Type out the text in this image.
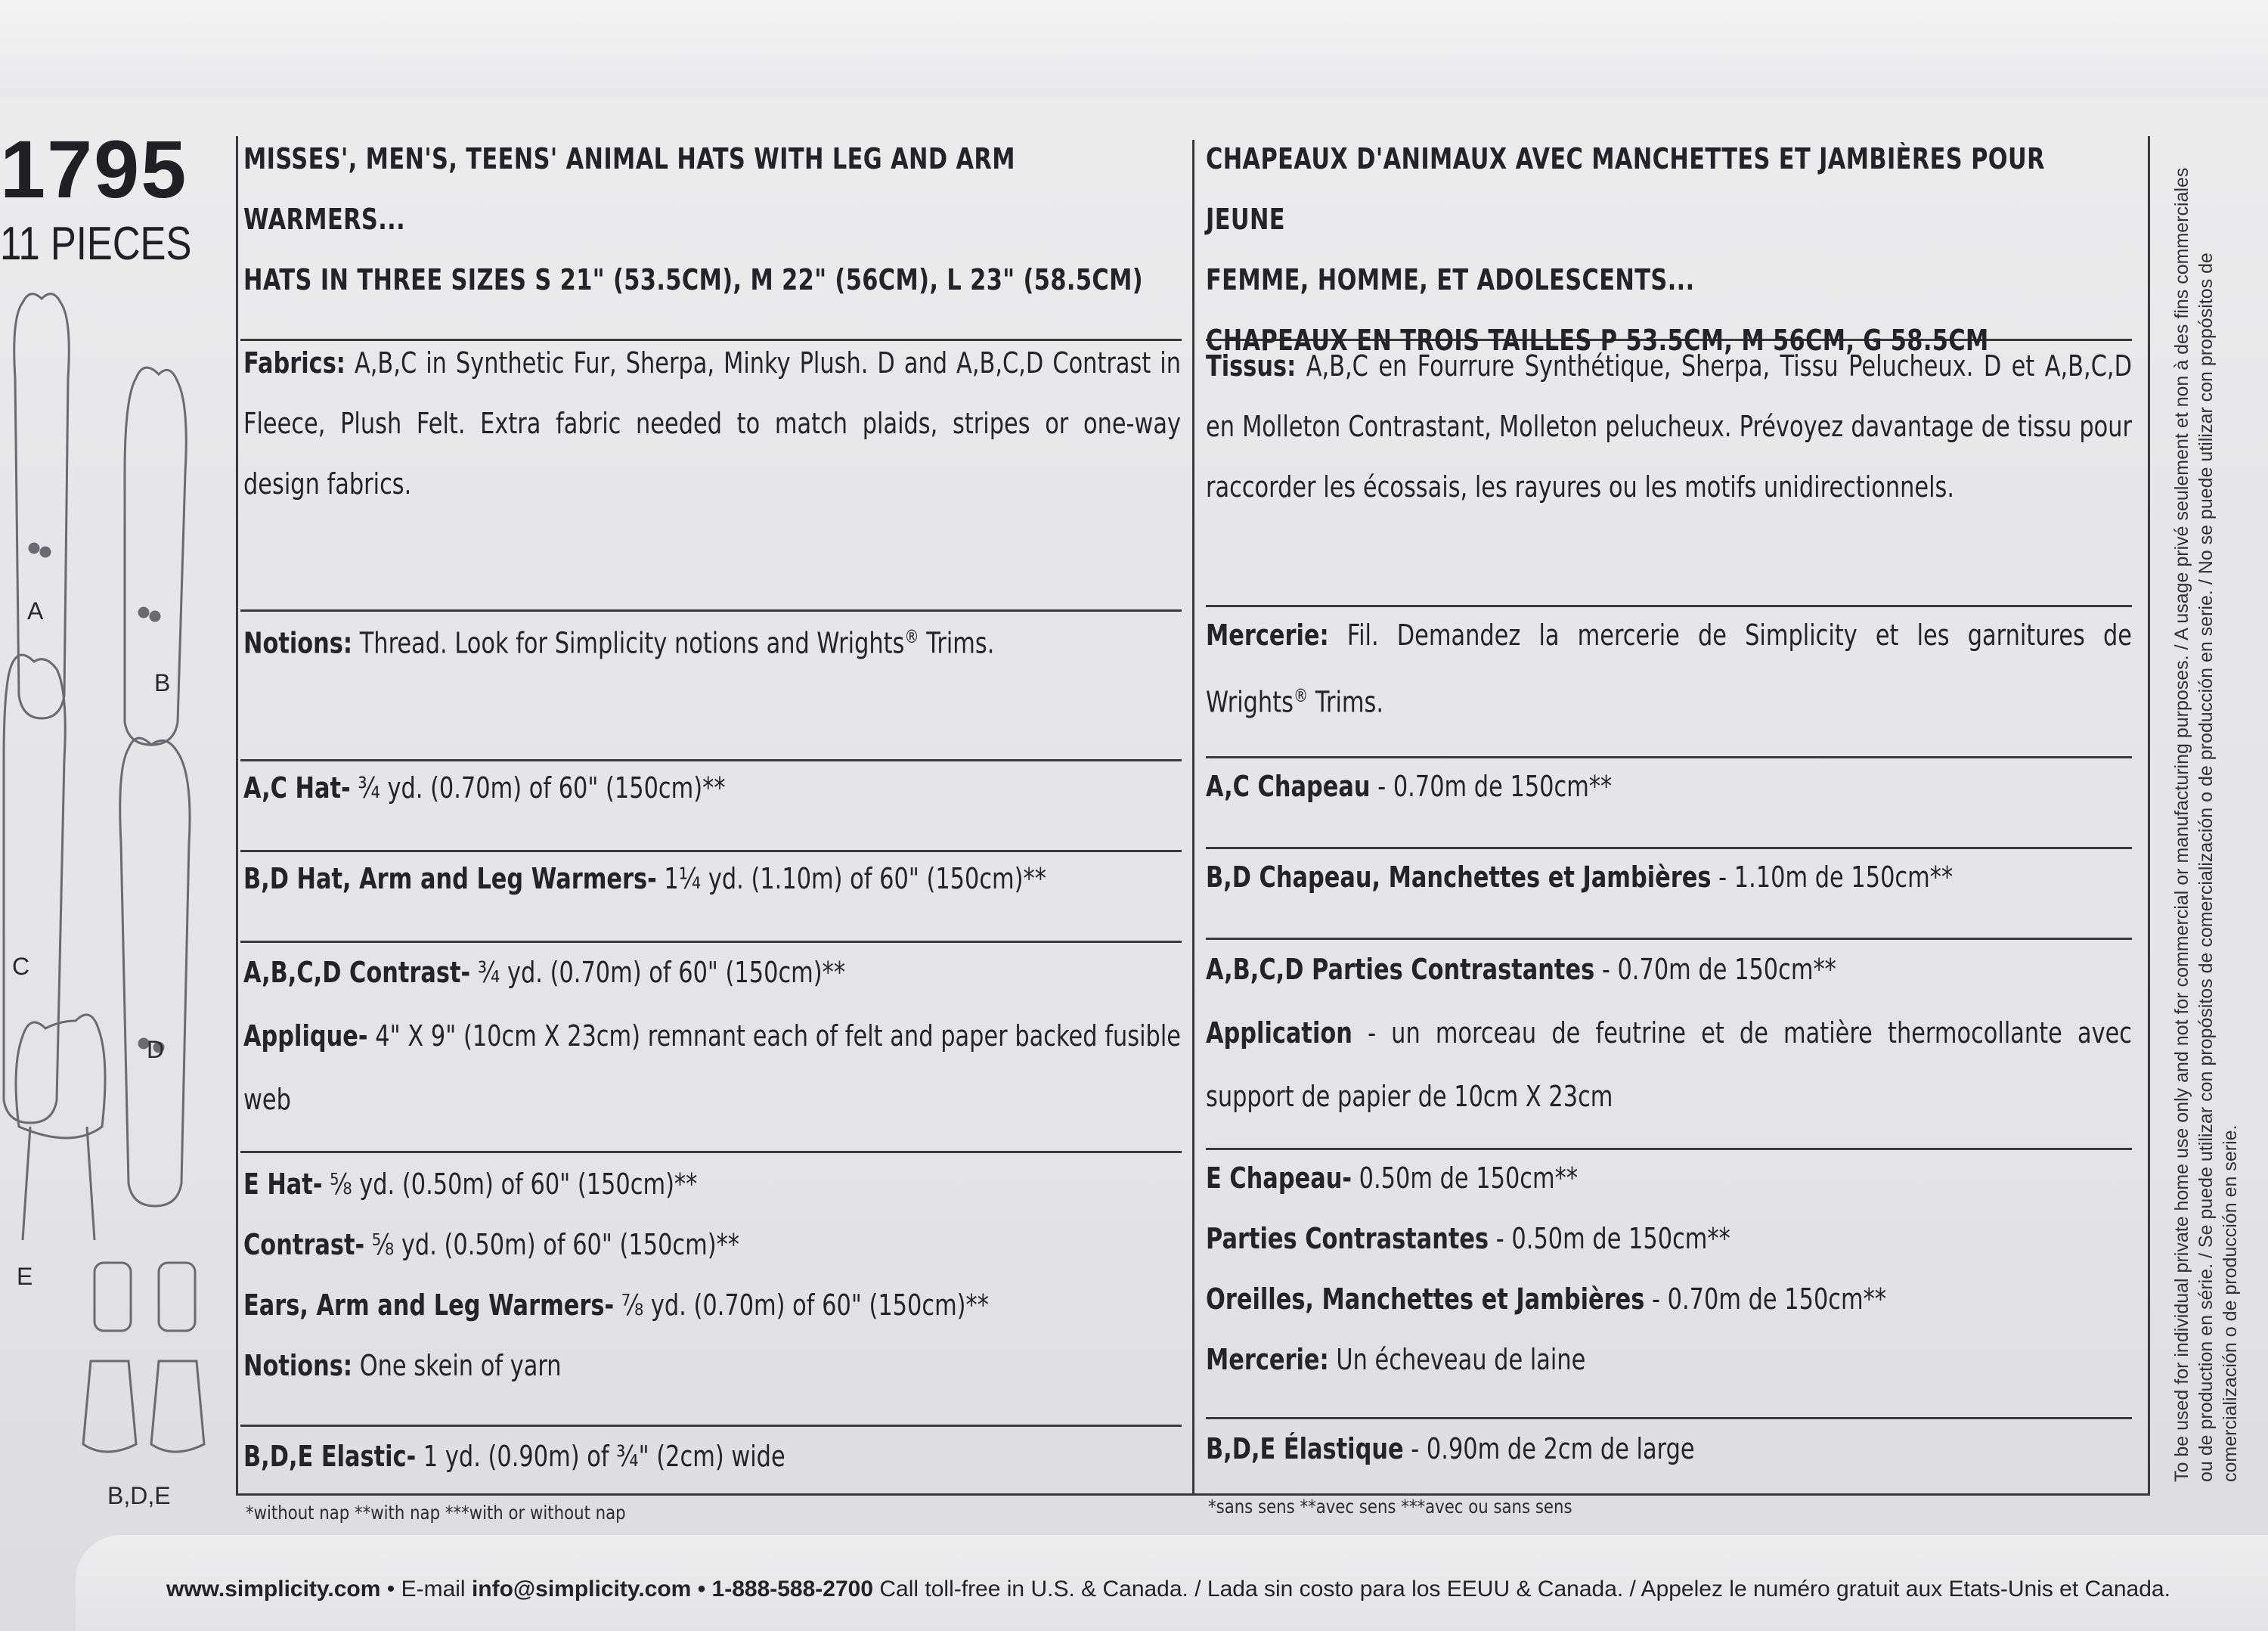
1795
11 PIECES
A
B
C
D
E
B,D,E
MISSES', MEN'S, TEENS' ANIMAL HATS WITH LEG AND ARM WARMERS...
HATS IN THREE SIZES S 21" (53.5CM), M 22" (56CM), L 23" (58.5CM)
Fabrics: A,B,C in Synthetic Fur, Sherpa, Minky Plush. D and A,B,C,D Contrast in Fleece, Plush Felt. Extra fabric needed to match plaids, stripes or one-way design fabrics.
Notions: Thread. Look for Simplicity notions and Wrights® Trims.
A,C Hat- ¾ yd. (0.70m) of 60" (150cm)**
B,D Hat, Arm and Leg Warmers- 1¼ yd. (1.10m) of 60" (150cm)**
A,B,C,D Contrast- ¾ yd. (0.70m) of 60" (150cm)**
Applique- 4" X 9" (10cm X 23cm) remnant each of felt and paper backed fusible web
E Hat- ⅝ yd. (0.50m) of 60" (150cm)**
Contrast- ⅝ yd. (0.50m) of 60" (150cm)**
Ears, Arm and Leg Warmers- ⅞ yd. (0.70m) of 60" (150cm)**
Notions: One skein of yarn
B,D,E Elastic- 1 yd. (0.90m) of ¾" (2cm) wide
*without nap **with nap ***with or without nap
CHAPEAUX D'ANIMAUX AVEC MANCHETTES ET JAMBIÈRES POUR JEUNE
FEMME, HOMME, ET ADOLESCENTS...
CHAPEAUX EN TROIS TAILLES P 53.5CM, M 56CM, G 58.5CM
Tissus: A,B,C en Fourrure Synthétique, Sherpa, Tissu Pelucheux. D et A,B,C,D en Molleton Contrastant, Molleton pelucheux. Prévoyez davantage de tissu pour raccorder les écossais, les rayures ou les motifs unidirectionnels.
Mercerie: Fil. Demandez la mercerie de Simplicity et les garnitures de Wrights® Trims.
A,C Chapeau - 0.70m de 150cm**
B,D Chapeau, Manchettes et Jambières - 1.10m de 150cm**
A,B,C,D Parties Contrastantes - 0.70m de 150cm**
Application - un morceau de feutrine et de matière thermocollante avec support de papier de 10cm X 23cm
E Chapeau- 0.50m de 150cm**
Parties Contrastantes - 0.50m de 150cm**
Oreilles, Manchettes et Jambières - 0.70m de 150cm**
Mercerie: Un écheveau de laine
B,D,E Élastique - 0.90m de 2cm de large
*sans sens **avec sens ***avec ou sans sens
To be used for individual private home use only and not for commercial or manufacturing purposes. / A usage privé seulement et non à des fins commerciales ou de production en série. / Se puede utilizar con propósitos de comercialización o de producción en serie. / No se puede utilizar con propósitos de comercialización o de producción en serie.
www.simplicity.com • E-mail info@simplicity.com • 1-888-588-2700 Call toll-free in U.S. & Canada. / Lada sin costo para los EEUU & Canada. / Appelez le numéro gratuit aux Etats-Unis et Canada.
